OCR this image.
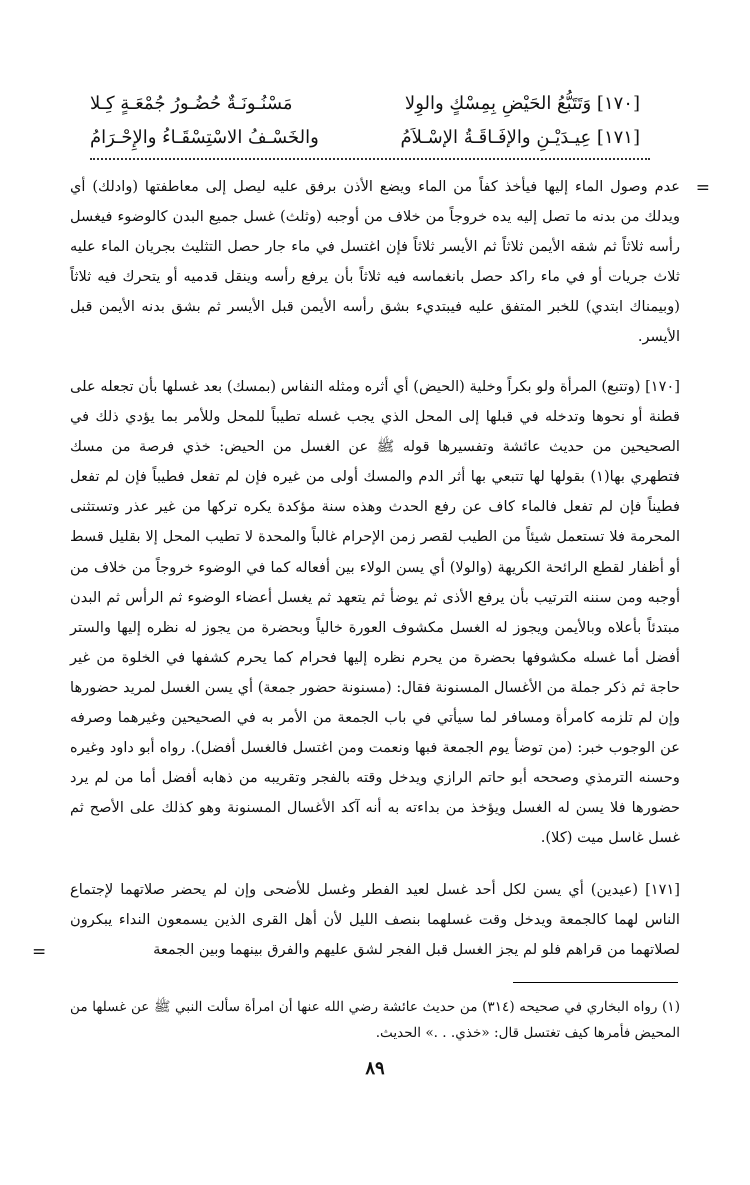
[١٧٠] وَتَتَبُّعُ الحَيْضِ بِمِسْكٍ والوِلا
مَسْنُـونَـةٌ حُضُـورُ جُمْعَـةٍ كِـلا
[١٧١] عِيـدَيْـنِ والإفَـاقَـةُ الإسْـلاَمُ
والخَسْـفُ الاسْتِسْقَـاءُ والإِحْـرَامُ
=

عدم وصول الماء إليها فيأخذ كفاً من الماء ويضع الأذن برفق عليه ليصل إلى معاطفتها (وادلك) أي ويدلك من بدنه ما تصل إليه يده خروجاً من خلاف من أوجبه (وثلث) غسل جميع البدن كالوضوء فيغسل رأسه ثلاثاً ثم شقه الأيمن ثلاثاً ثم الأيسر ثلاثاً فإن اغتسل في ماء جار حصل التثليث بجريان الماء عليه ثلاث جريات أو في ماء راكد حصل بانغماسه فيه ثلاثاً بأن يرفع رأسه وينقل قدميه أو يتحرك فيه ثلاثاً (وبيمناك ابتدي) للخبر المتفق عليه فيبتديء بشق رأسه الأيمن قبل الأيسر ثم بشق بدنه الأيمن قبل الأيسر.

[١٧٠] (وتتبع) المرأة ولو بكراً وخلية (الحيض) أي أثره ومثله النفاس (بمسك) بعد غسلها بأن تجعله على قطنة أو نحوها وتدخله في قبلها إلى المحل الذي يجب غسله تطيباً للمحل وللأمر بما يؤدي ذلك في الصحيحين من حديث عائشة وتفسيرها قوله ﷺ عن الغسل من الحيض: خذي فرصة من مسك فتطهري بها(١) بقولها لها تتبعي بها أثر الدم والمسك أولى من غيره فإن لم تفعل فطيباً فإن لم تفعل فطيناً فإن لم تفعل فالماء كاف عن رفع الحدث وهذه سنة مؤكدة يكره تركها من غير عذر وتستثنى المحرمة فلا تستعمل شيئاً من الطيب لقصر زمن الإحرام غالباً والمحدة لا تطيب المحل إلا بقليل قسط أو أظفار لقطع الرائحة الكريهة (والولا) أي يسن الولاء بين أفعاله كما في الوضوء خروجاً من خلاف من أوجبه ومن سننه الترتيب بأن يرفع الأذى ثم يوضأ ثم يتعهد ثم يغسل أعضاء الوضوء ثم الرأس ثم البدن مبتدئاً بأعلاه وبالأيمن ويجوز له الغسل مكشوف العورة خالياً وبحضرة من يجوز له نظره إليها والستر أفضل أما غسله مكشوفها بحضرة من يحرم نظره إليها فحرام كما يحرم كشفها في الخلوة من غير حاجة ثم ذكر جملة من الأغسال المسنونة فقال: (مسنونة حضور جمعة) أي يسن الغسل لمريد حضورها وإن لم تلزمه كامرأة ومسافر لما سيأتي في باب الجمعة من الأمر به في الصحيحين وغيرهما وصرفه عن الوجوب خبر: (من توضأ يوم الجمعة فبها ونعمت ومن اغتسل فالغسل أفضل). رواه أبو داود وغيره وحسنه الترمذي وصححه أبو حاتم الرازي ويدخل وقته بالفجر وتقريبه من ذهابه أفضل أما من لم يرد حضورها فلا يسن له الغسل ويؤخذ من بداءته به أنه آكد الأغسال المسنونة وهو كذلك على الأصح ثم غسل غاسل ميت (كلا).

[١٧١] (عيدين) أي يسن لكل أحد غسل لعيد الفطر وغسل للأضحى وإن لم يحضر صلاتهما لإجتماع الناس لهما كالجمعة ويدخل وقت غسلهما بنصف الليل لأن أهل القرى الذين يسمعون النداء يبكرون لصلاتهما من قراهم فلو لم يجز الغسل قبل الفجر لشق عليهم والفرق بينهما وبين الجمعة

=
(١) رواه البخاري في صحيحه (٣١٤) من حديث عائشة رضي الله عنها أن امرأة سألت النبي ﷺ عن غسلها من المحيض فأمرها كيف تغتسل قال: «خذي. . .» الحديث.
٨٩
